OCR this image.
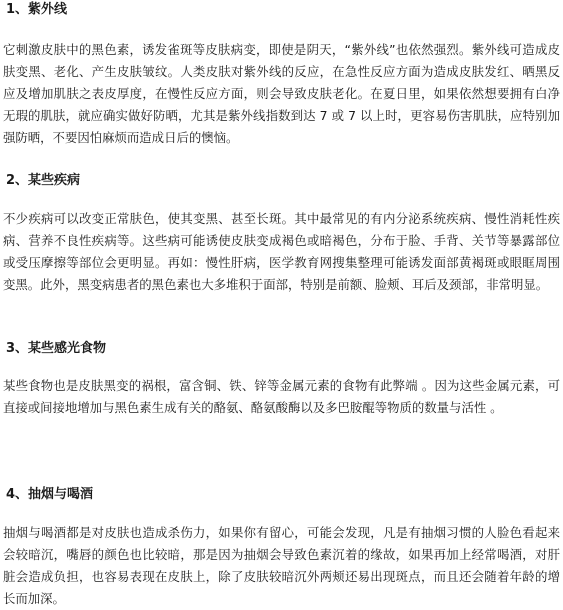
1、紫外线

它刺激皮肤中的黑色素，诱发雀斑等皮肤病变，即使是阴天，“紫外线”也依然强烈。紫外线可造成皮肤变黑、老化、产生皮肤皱纹。人类皮肤对紫外线的反应，在急性反应方面为造成皮肤发红、晒黑反应及增加肌肤之表皮厚度，在慢性反应方面，则会导致皮肤老化。在夏日里，如果依然想要拥有白净无瑕的肌肤，就应确实做好防晒，尤其是紫外线指数到达 7 或 7 以上时，更容易伤害肌肤，应特别加强防晒，不要因怕麻烦而造成日后的懊恼。

2、某些疾病

不少疾病可以改变正常肤色，使其变黑、甚至长斑。其中最常见的有内分泌系统疾病、慢性消耗性疾病、营养不良性疾病等。这些病可能诱使皮肤变成褐色或暗褐色，分布于脸、手背、关节等暴露部位或受压摩擦等部位会更明显。再如：慢性肝病，医学教育网搜集整理可能诱发面部黄褐斑或眼眶周围变黑。此外，黑变病患者的黑色素也大多堆积于面部，特别是前额、脸颊、耳后及颈部，非常明显。

3、某些感光食物

某些食物也是皮肤黑变的祸根，富含铜、铁、锌等金属元素的食物有此弊端 。因为这些金属元素，可直接或间接地增加与黑色素生成有关的酪氨、酪氨酸酶以及多巴胺醌等物质的数量与活性 。

4、抽烟与喝酒

抽烟与喝酒都是对皮肤也造成杀伤力，如果你有留心，可能会发现，凡是有抽烟习惯的人脸色看起来会较暗沉，嘴唇的颜色也比较暗，那是因为抽烟会导致色素沉着的缘故，如果再加上经常喝酒，对肝脏会造成负担，也容易表现在皮肤上，除了皮肤较暗沉外两颊还易出现斑点，而且还会随着年龄的增长而加深。
